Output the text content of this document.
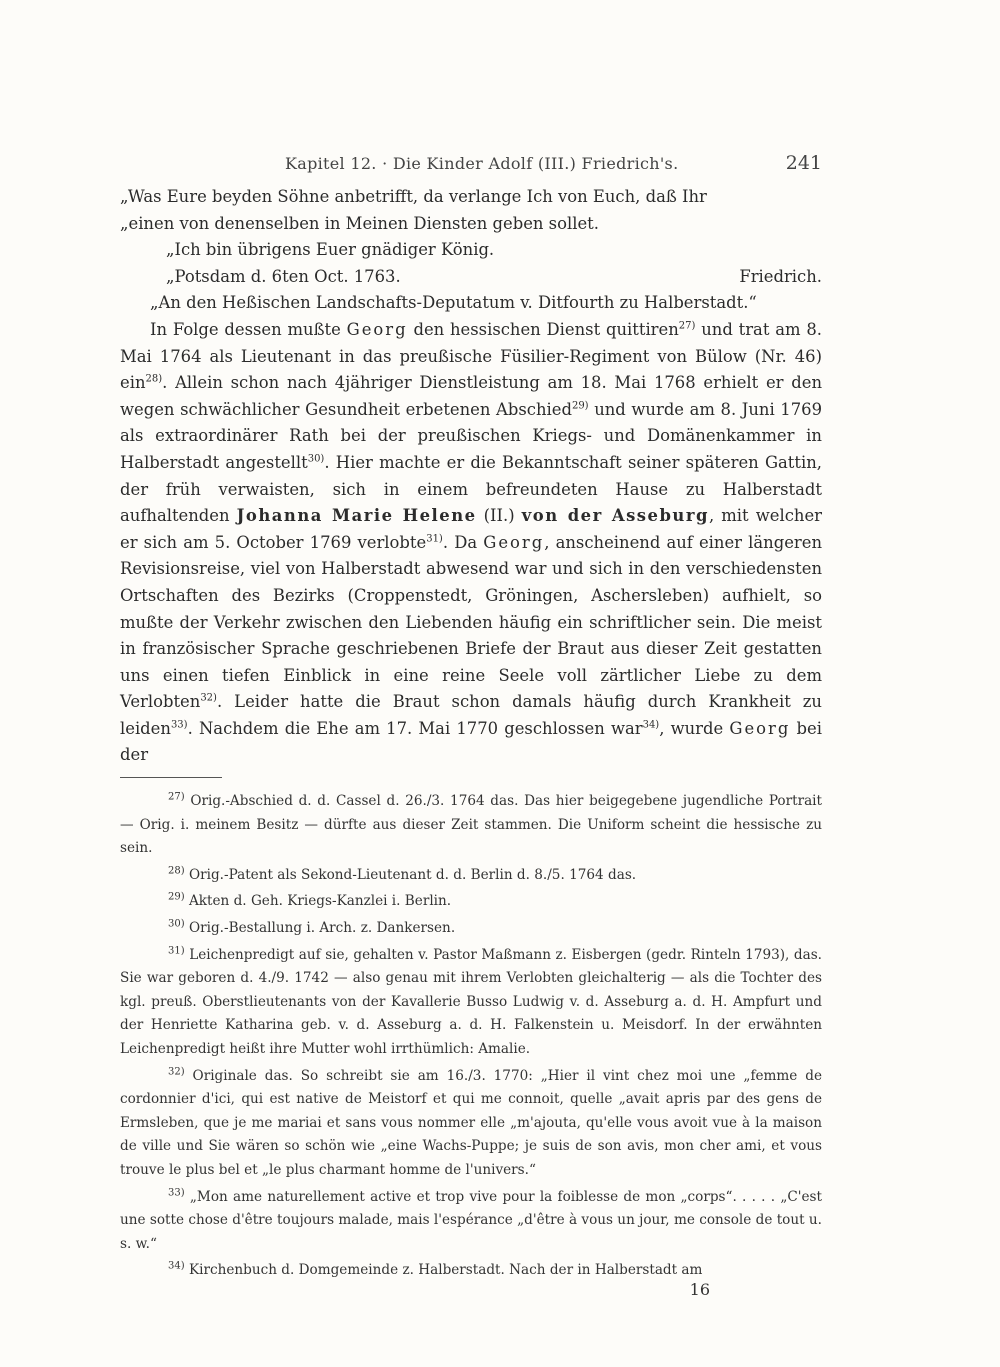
Kapitel 12. · Die Kinder Adolf (III.) Friedrich's.	241

„Was Eure beyden Söhne anbetrifft, da verlange Ich von Euch, daß Ihr

„einen von denenselben in Meinen Diensten geben sollet.

„Ich bin übrigens Euer gnädiger König.

„Potsdam d. 6ten Oct. 1763.	Friedrich.

„An den Heßischen Landschafts-Deputatum v. Ditfourth zu Halberstadt.“

In Folge dessen mußte Georg den hessischen Dienst quittiren$^{27)}$ und trat am 8. Mai 1764 als Lieutenant in das preußische Füsilier-Regiment von Bülow (Nr. 46) ein$^{28)}$. Allein schon nach 4jähriger Dienstleistung am 18. Mai 1768 erhielt er den wegen schwächlicher Gesundheit erbetenen Abschied$^{29)}$ und wurde am 8. Juni 1769 als extraordinärer Rath bei der preußischen Kriegs- und Domänenkammer in Halberstadt angestellt$^{30)}$. Hier machte er die Bekanntschaft seiner späteren Gattin, der früh verwaisten, sich in einem befreundeten Hause zu Halberstadt aufhaltenden Johanna Marie Helene (II.) von der Asseburg, mit welcher er sich am 5. October 1769 verlobte$^{31)}$. Da Georg, anscheinend auf einer längeren Revisionsreise, viel von Halberstadt abwesend war und sich in den verschiedensten Ortschaften des Bezirks (Croppenstedt, Gröningen, Aschersleben) aufhielt, so mußte der Verkehr zwischen den Liebenden häufig ein schriftlicher sein. Die meist in französischer Sprache geschriebenen Briefe der Braut aus dieser Zeit gestatten uns einen tiefen Einblick in eine reine Seele voll zärtlicher Liebe zu dem Verlobten$^{32)}$. Leider hatte die Braut schon damals häufig durch Krankheit zu leiden$^{33)}$. Nachdem die Ehe am 17. Mai 1770 geschlossen war$^{34)}$, wurde Georg bei der

$^{27)}$ Orig.-Abschied d. d. Cassel d. 26./3. 1764 das. Das hier beigegebene jugendliche Portrait — Orig. i. meinem Besitz — dürfte aus dieser Zeit stammen. Die Uniform scheint die hessische zu sein.

$^{28)}$ Orig.-Patent als Sekond-Lieutenant d. d. Berlin d. 8./5. 1764 das.

$^{29)}$ Akten d. Geh. Kriegs-Kanzlei i. Berlin.

$^{30)}$ Orig.-Bestallung i. Arch. z. Dankersen.

$^{31)}$ Leichenpredigt auf sie, gehalten v. Pastor Maßmann z. Eisbergen (gedr. Rinteln 1793), das. Sie war geboren d. 4./9. 1742 — also genau mit ihrem Verlobten gleichalterig — als die Tochter des kgl. preuß. Oberstlieutenants von der Kavallerie Busso Ludwig v. d. Asseburg a. d. H. Ampfurt und der Henriette Katharina geb. v. d. Asseburg a. d. H. Falkenstein u. Meisdorf. In der erwähnten Leichenpredigt heißt ihre Mutter wohl irrthümlich: Amalie.

$^{32)}$ Originale das. So schreibt sie am 16./3. 1770: „Hier il vint chez moi une „femme de cordonnier d'ici, qui est native de Meistorf et qui me connoit, quelle „avait apris par des gens de Ermsleben, que je me mariai et sans vous nommer elle „m'ajouta, qu'elle vous avoit vue à la maison de ville und Sie wären so schön wie „eine Wachs-Puppe; je suis de son avis, mon cher ami, et vous trouve le plus bel et „le plus charmant homme de l'univers.“

$^{33)}$ „Mon ame naturellement active et trop vive pour la foiblesse de mon „corps“. . . . . „C'est une sotte chose d'être toujours malade, mais l'espérance „d'être à vous un jour, me console de tout u. s. w.“

$^{34)}$ Kirchenbuch d. Domgemeinde z. Halberstadt. Nach der in Halberstadt am

16
